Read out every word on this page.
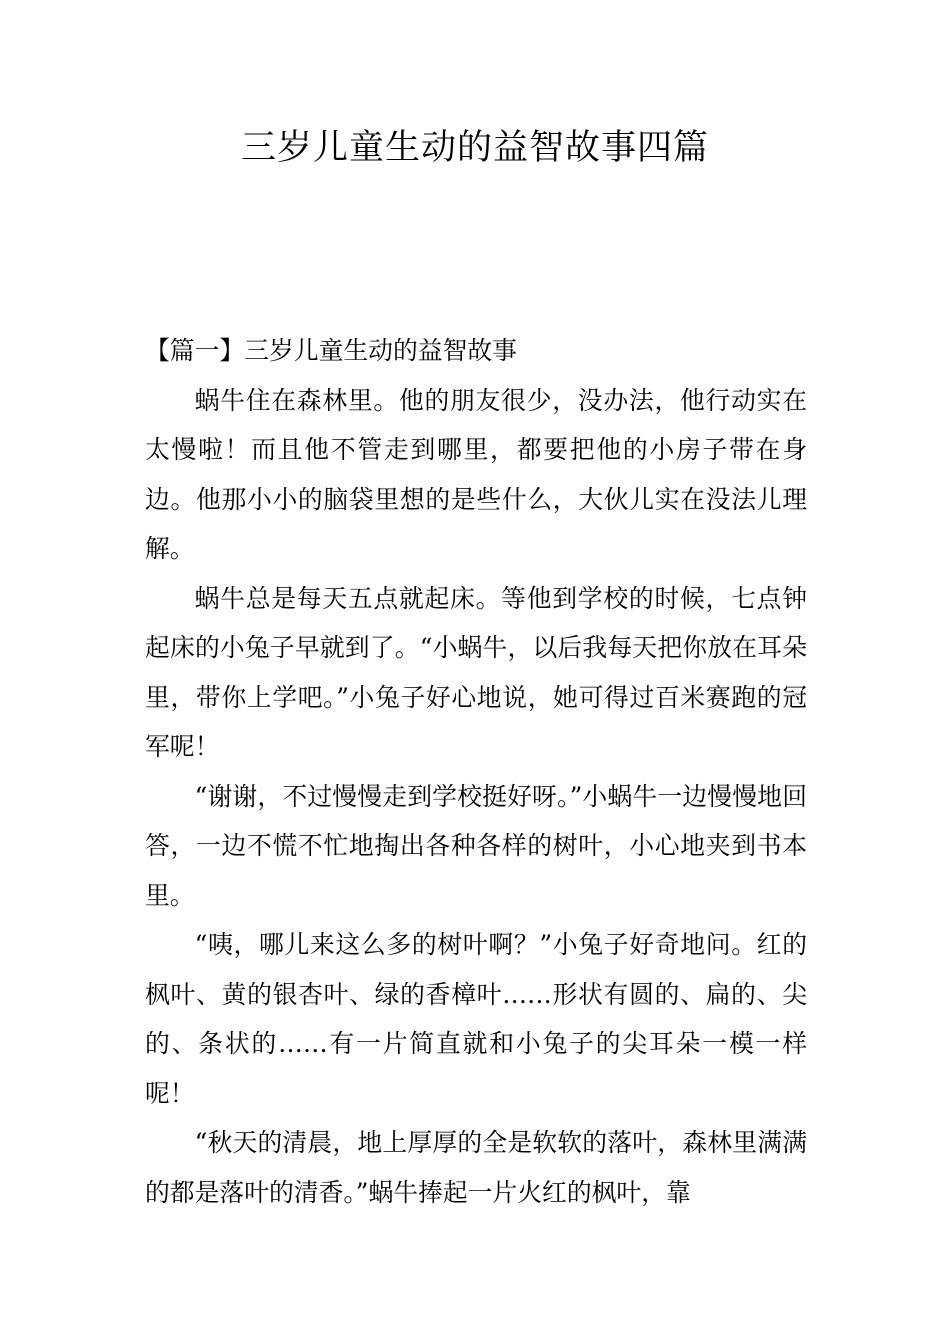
三岁儿童生动的益智故事四篇
【篇一】三岁儿童生动的益智故事

蜗牛住在森林里。他的朋友很少，没办法，他行动实在太慢啦！而且他不管走到哪里，都要把他的小房子带在身边。他那小小的脑袋里想的是些什么，大伙儿实在没法儿理解。

蜗牛总是每天五点就起床。等他到学校的时候，七点钟起床的小兔子早就到了。“小蜗牛，以后我每天把你放在耳朵里，带你上学吧。”小兔子好心地说，她可得过百米赛跑的冠军呢！

“谢谢，不过慢慢走到学校挺好呀。”小蜗牛一边慢慢地回答，一边不慌不忙地掏出各种各样的树叶，小心地夹到书本里。

“咦，哪儿来这么多的树叶啊？”小兔子好奇地问。红的枫叶、黄的银杏叶、绿的香樟叶……形状有圆的、扁的、尖的、条状的……有一片简直就和小兔子的尖耳朵一模一样呢！

“秋天的清晨，地上厚厚的全是软软的落叶，森林里满满的都是落叶的清香。”蜗牛捧起一片火红的枫叶，靠
